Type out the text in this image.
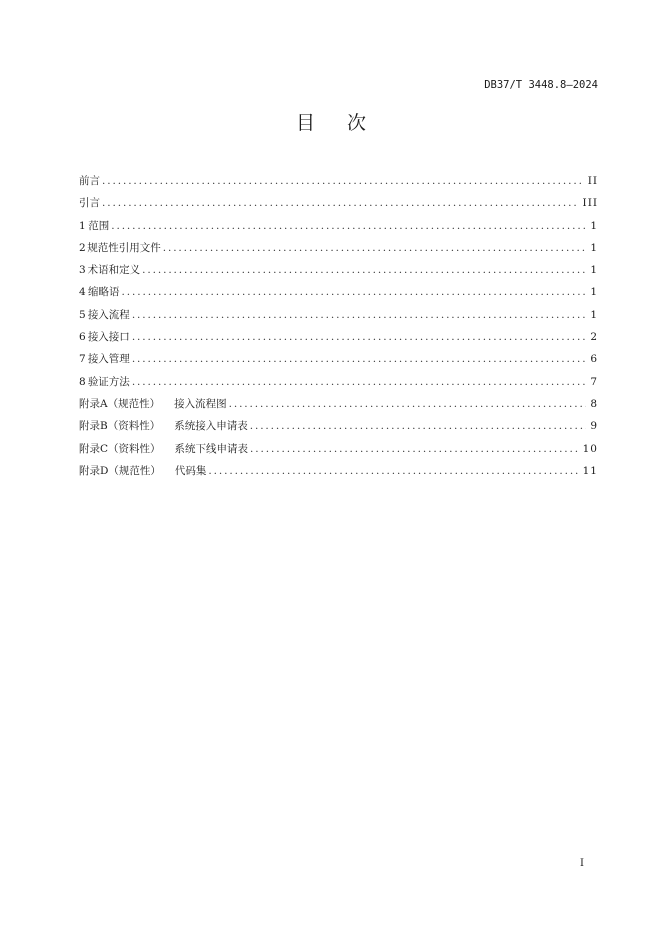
DB37/T 3448.8—2024
目次
前言 .....	II
引言 .....	III
1 范围 .....	1
2 规范性引用文件 .....	1
3 术语和定义 .....	1
4 缩略语 .....	1
5 接入流程 .....	1
6 接入接口 .....	2
7 接入管理 .....	6
8 验证方法 .....	7
附录A（规范性） 接入流程图 .....	8
附录B（资料性） 系统接入申请表 .....	9
附录C（资料性） 系统下线申请表 .....	10
附录D（规范性） 代码集 .....	11
I
